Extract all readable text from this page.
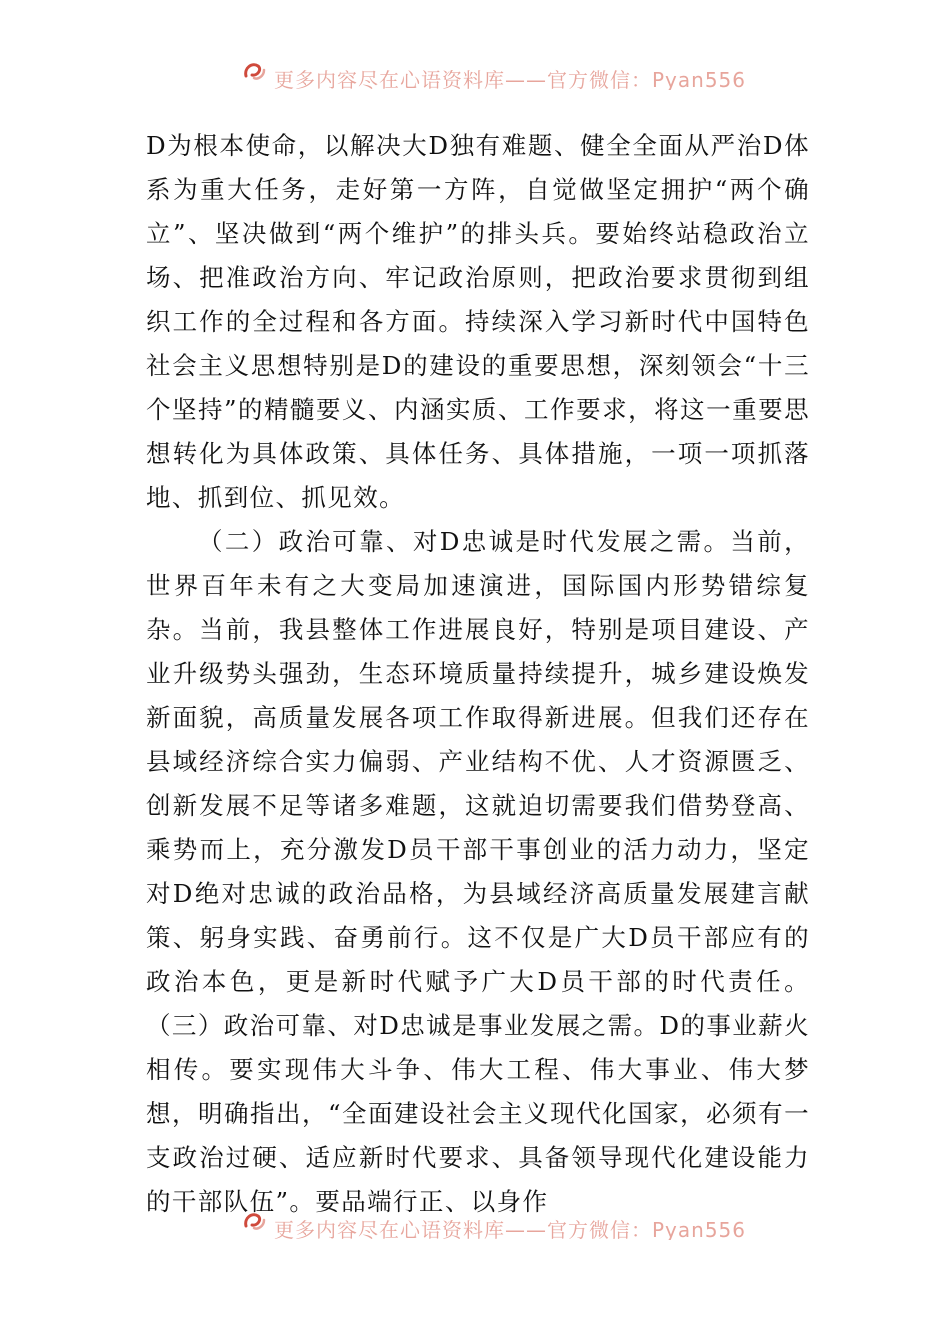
更多内容尽在心语资料库——官方微信：Pyan556

D为根本使命，以解决大D独有难题、健全全面从严治D体系为重大任务，走好第一方阵，自觉做坚定拥护“两个确立”、坚决做到“两个维护”的排头兵。要始终站稳政治立场、把准政治方向、牢记政治原则，把政治要求贯彻到组织工作的全过程和各方面。持续深入学习新时代中国特色社会主义思想特别是D的建设的重要思想，深刻领会“十三个坚持”的精髓要义、内涵实质、工作要求，将这一重要思想转化为具体政策、具体任务、具体措施，一项一项抓落地、抓到位、抓见效。

（二）政治可靠、对D忠诚是时代发展之需。当前，世界百年未有之大变局加速演进，国际国内形势错综复杂。当前，我县整体工作进展良好，特别是项目建设、产业升级势头强劲，生态环境质量持续提升，城乡建设焕发新面貌，高质量发展各项工作取得新进展。但我们还存在县域经济综合实力偏弱、产业结构不优、人才资源匮乏、创新发展不足等诸多难题，这就迫切需要我们借势登高、乘势而上，充分激发D员干部干事创业的活力动力，坚定对D绝对忠诚的政治品格，为县域经济高质量发展建言献策、躬身实践、奋勇前行。这不仅是广大D员干部应有的政治本色，更是新时代赋予广大D员干部的时代责任。（三）政治可靠、对D忠诚是事业发展之需。D的事业薪火相传。要实现伟大斗争、伟大工程、伟大事业、伟大梦想，明确指出，“全面建设社会主义现代化国家，必须有一支政治过硬、适应新时代要求、具备领导现代化建设能力的干部队伍”。要品端行正、以身作

更多内容尽在心语资料库——官方微信：Pyan556
